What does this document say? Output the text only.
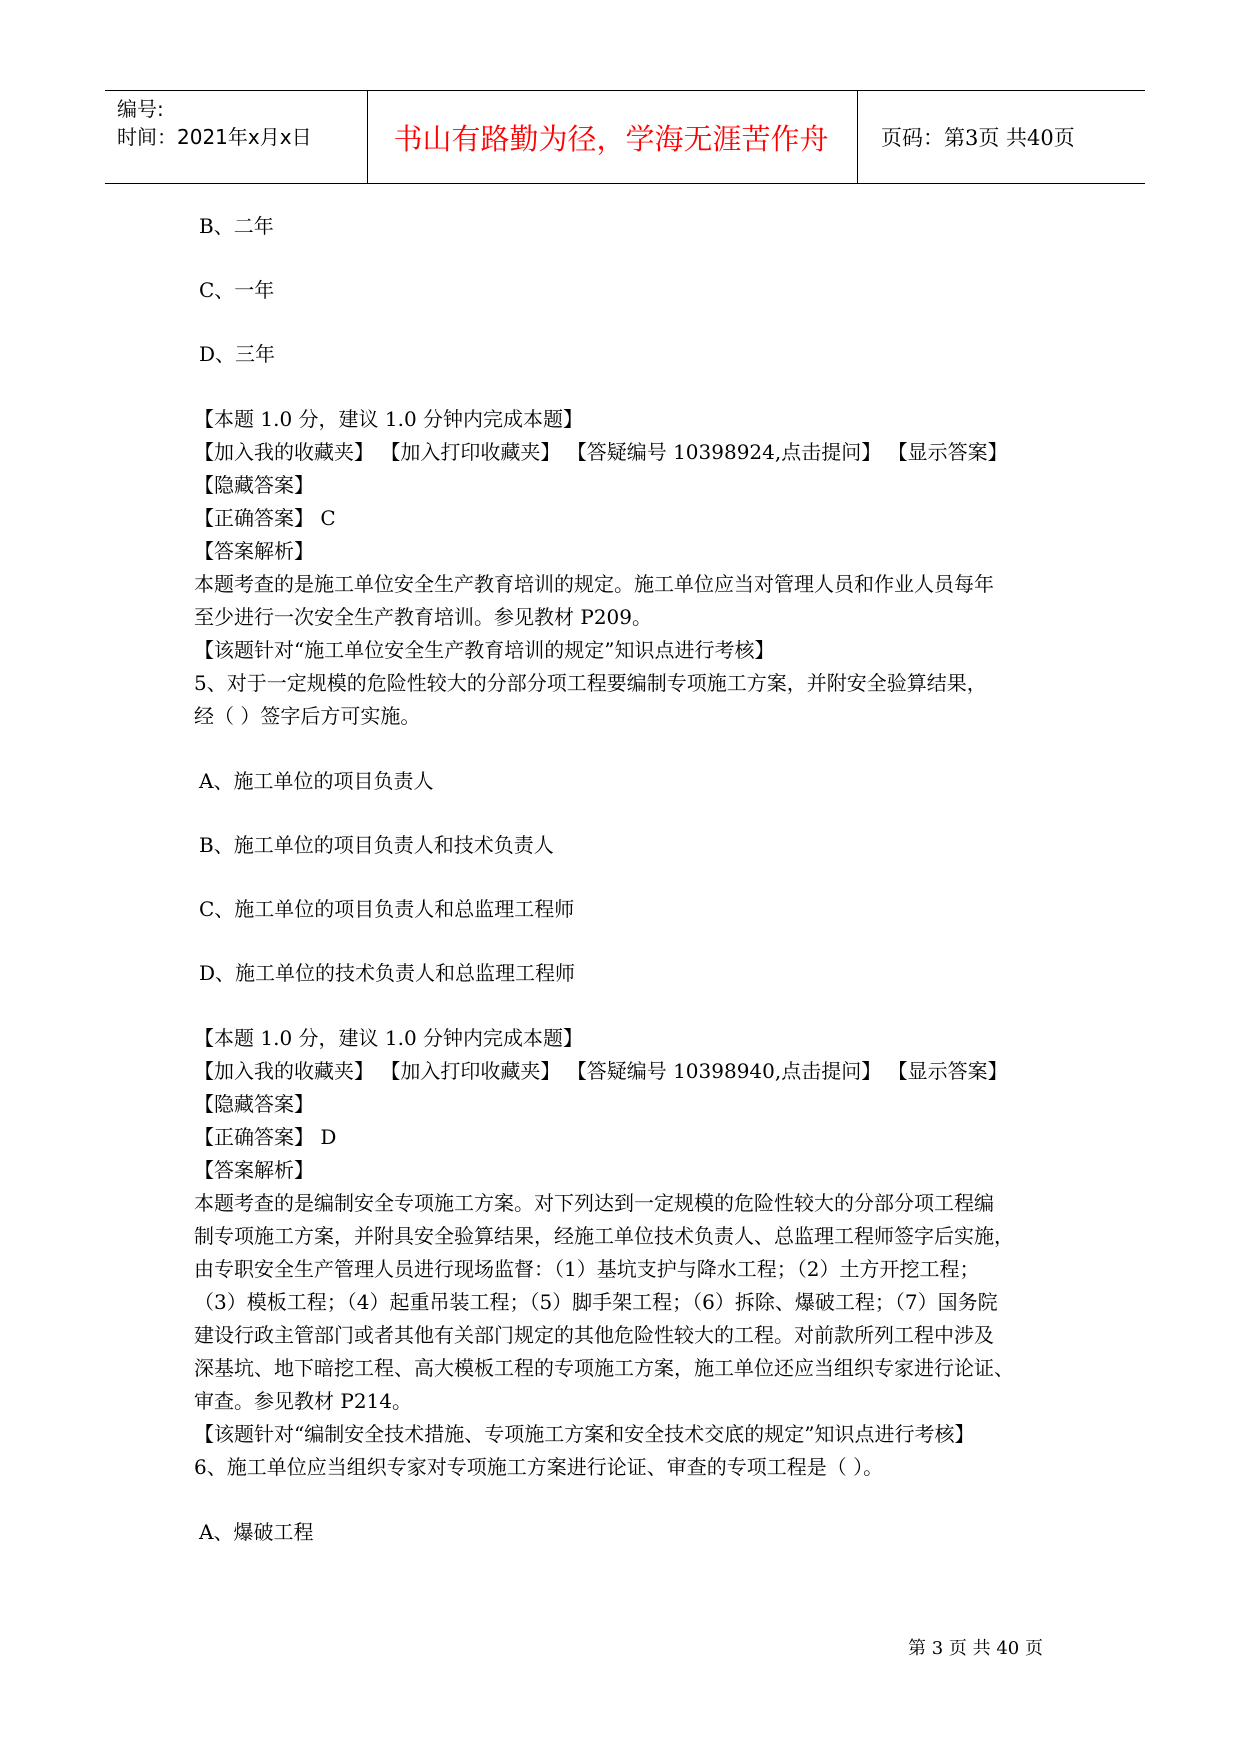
编号:
时间：2021年x月x日	书山有路勤为径，学海无涯苦作舟	页码：第3页 共40页
B、二年
C、一年
D、三年
【本题 1.0 分，建议 1.0 分钟内完成本题】
【加入我的收藏夹】 【加入打印收藏夹】 【答疑编号 10398924,点击提问】 【显示答案】
【隐藏答案】
【正确答案】 C
【答案解析】
本题考查的是施工单位安全生产教育培训的规定。施工单位应当对管理人员和作业人员每年
至少进行一次安全生产教育培训。参见教材 P209。
【该题针对“施工单位安全生产教育培训的规定”知识点进行考核】
5、对于一定规模的危险性较大的分部分项工程要编制专项施工方案，并附安全验算结果，
经（ ）签字后方可实施。
A、施工单位的项目负责人
B、施工单位的项目负责人和技术负责人
C、施工单位的项目负责人和总监理工程师
D、施工单位的技术负责人和总监理工程师
【本题 1.0 分，建议 1.0 分钟内完成本题】
【加入我的收藏夹】 【加入打印收藏夹】 【答疑编号 10398940,点击提问】 【显示答案】
【隐藏答案】
【正确答案】 D
【答案解析】
本题考查的是编制安全专项施工方案。对下列达到一定规模的危险性较大的分部分项工程编
制专项施工方案，并附具安全验算结果，经施工单位技术负责人、总监理工程师签字后实施，
由专职安全生产管理人员进行现场监督：（1）基坑支护与降水工程；（2）土方开挖工程；
（3）模板工程；（4）起重吊装工程；（5）脚手架工程；（6）拆除、爆破工程；（7）国务院
建设行政主管部门或者其他有关部门规定的其他危险性较大的工程。对前款所列工程中涉及
深基坑、地下暗挖工程、高大模板工程的专项施工方案，施工单位还应当组织专家进行论证、
审查。参见教材 P214。
【该题针对“编制安全技术措施、专项施工方案和安全技术交底的规定”知识点进行考核】
6、施工单位应当组织专家对专项施工方案进行论证、审查的专项工程是（ ）。
A、爆破工程
第 3 页 共 40 页
